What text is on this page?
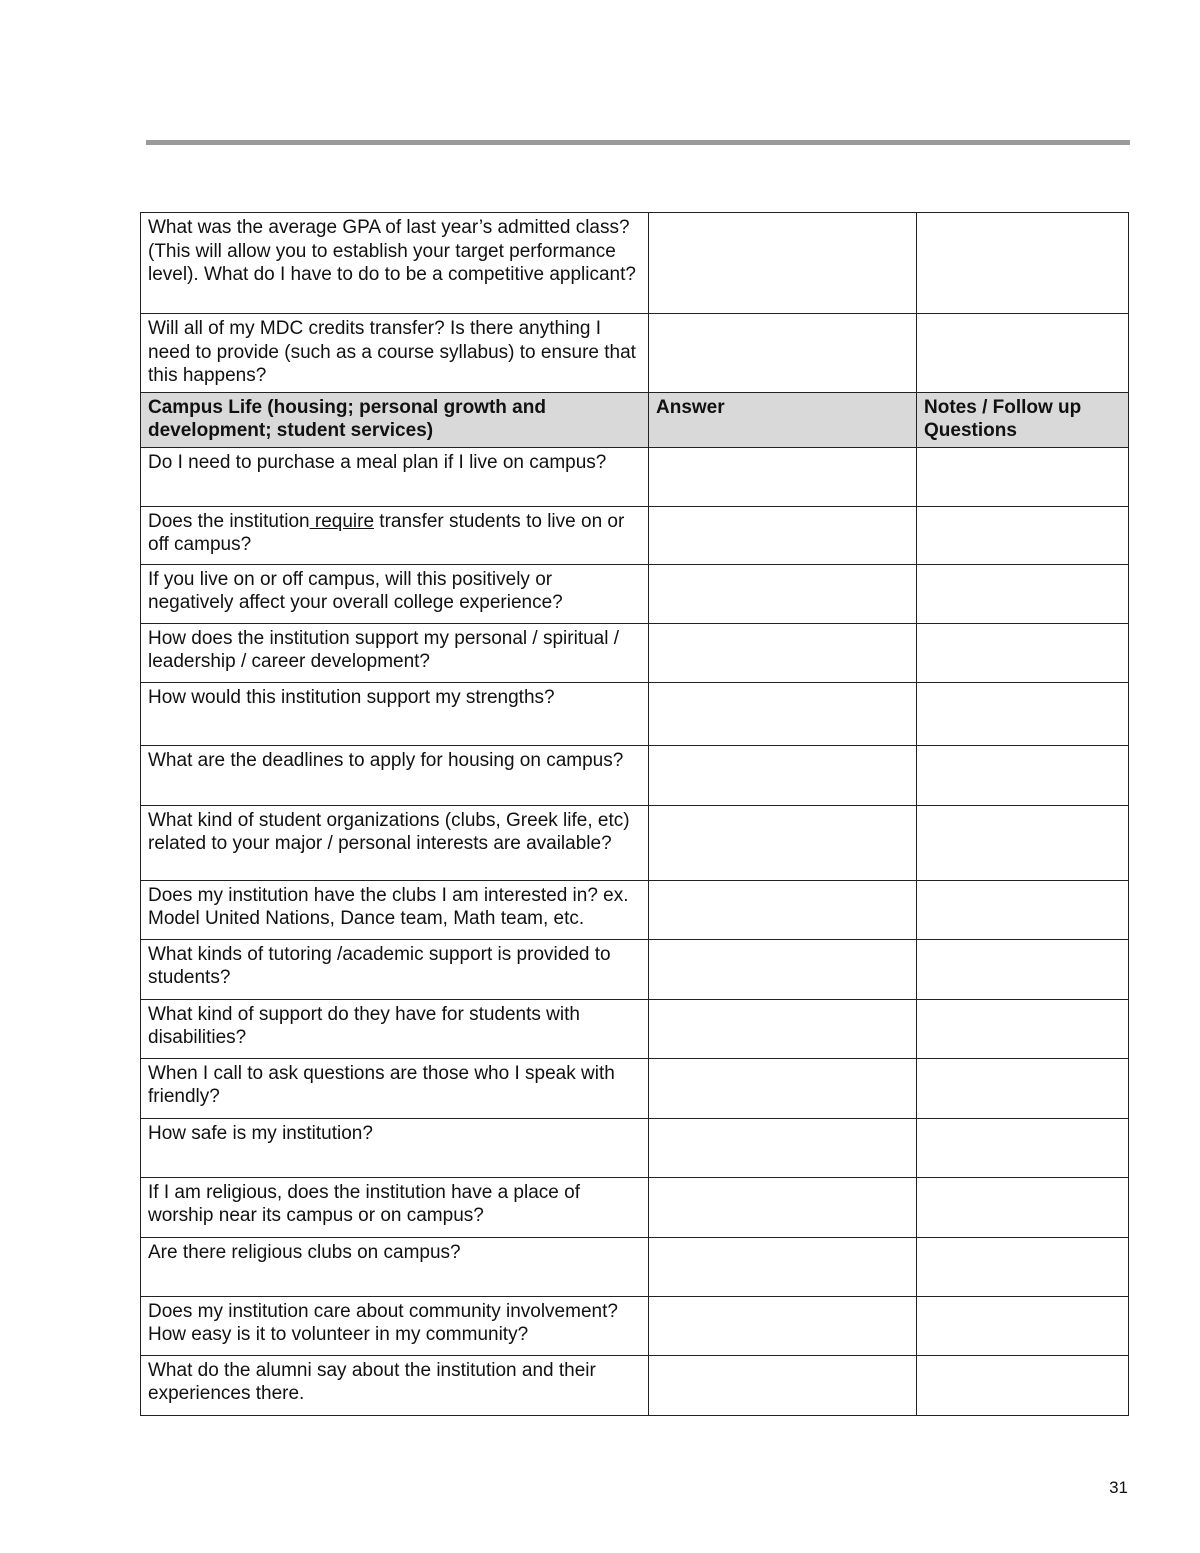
What was the average GPA of last year’s admitted class? (This will allow you to establish your target performance level). What do I have to do to be a competitive applicant?		
Will all of my MDC credits transfer? Is there anything I need to provide (such as a course syllabus) to ensure that this happens?		
Campus Life (housing; personal growth and development; student services)	Answer	Notes / Follow up Questions
Do I need to purchase a meal plan if I live on campus?		
Does the institution require transfer students to live on or off campus?		
If you live on or off campus, will this positively or negatively affect your overall college experience?		
How does the institution support my personal / spiritual / leadership / career development?		
How would this institution support my strengths?		
What are the deadlines to apply for housing on campus?		
What kind of student organizations (clubs, Greek life, etc) related to your major / personal interests are available?		
Does my institution have the clubs I am interested in? ex. Model United Nations, Dance team, Math team, etc.		
What kinds of tutoring /academic support is provided to students?		
What kind of support do they have for students with disabilities?		
When I call to ask questions are those who I speak with friendly?		
How safe is my institution?		
If I am religious, does the institution have a place of worship near its campus or on campus?		
Are there religious clubs on campus?		
Does my institution care about community involvement? How easy is it to volunteer in my community?		
What do the alumni say about the institution and their experiences there.		
31
